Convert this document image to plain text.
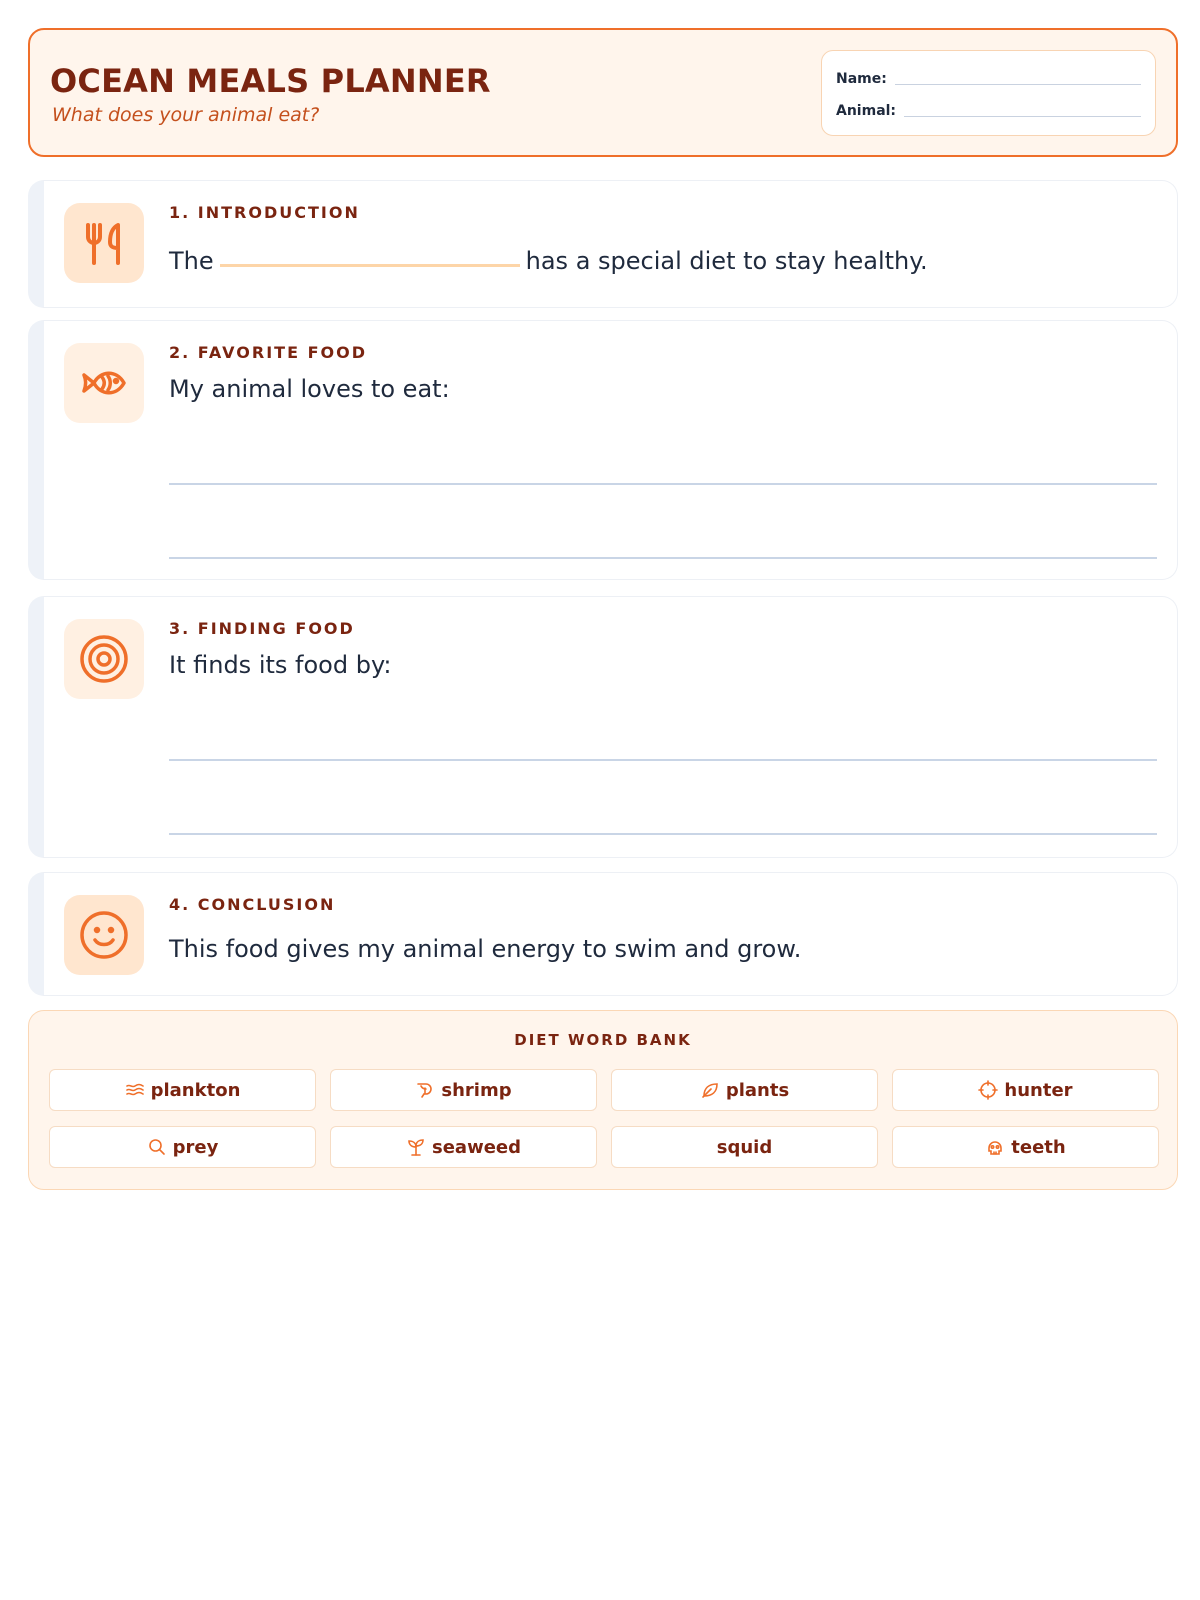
OCEAN MEALS PLANNER
What does your animal eat?
Name:
Animal:
1. INTRODUCTION
The	has a special diet to stay healthy.
2. FAVORITE FOOD
My animal loves to eat:
3. FINDING FOOD
It finds its food by:
4. CONCLUSION
This food gives my animal energy to swim and grow.
DIET WORD BANK
plankton	shrimp	plants	hunter
prey	seaweed	squid	teeth
